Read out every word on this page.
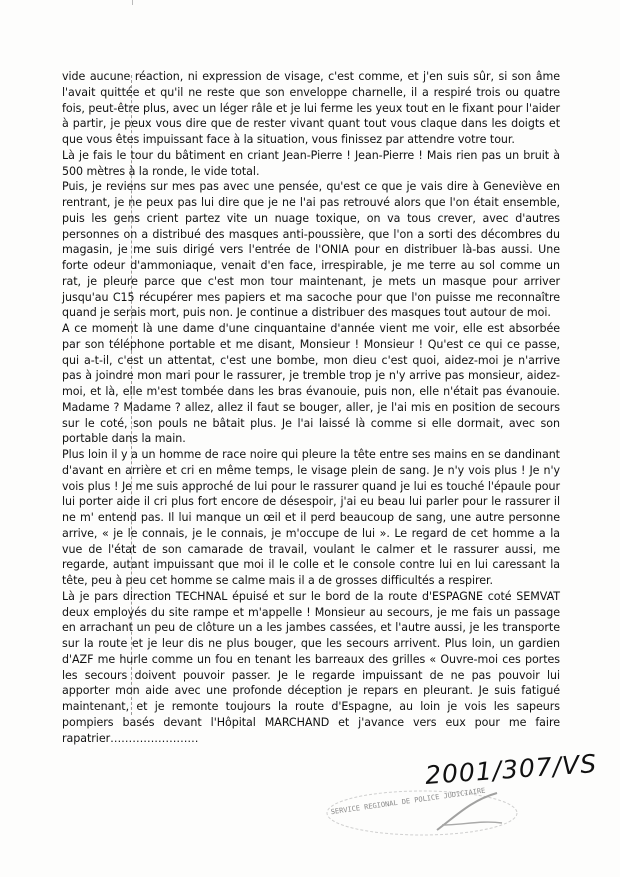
vide aucune réaction, ni expression de visage, c'est comme, et j'en suis sûr, si son âme l'avait quittée et qu'il ne reste que son enveloppe charnelle, il a respiré trois ou quatre fois, peut-être plus, avec un léger râle et je lui ferme les yeux tout en le fixant pour l'aider à partir, je peux vous dire que de rester vivant quant tout vous claque dans les doigts et que vous êtes impuissant face à la situation, vous finissez par attendre votre tour.

Là je fais le tour du bâtiment en criant Jean-Pierre ! Jean-Pierre ! Mais rien pas un bruit à 500 mètres à la ronde, le vide total.

Puis, je reviens sur mes pas avec une pensée, qu'est ce que je vais dire à Geneviève en rentrant, je ne peux pas lui dire que je ne l'ai pas retrouvé alors que l'on était ensemble, puis les gens crient partez vite un nuage toxique, on va tous crever, avec d'autres personnes on a distribué des masques anti-poussière, que l'on a sorti des décombres du magasin, je me suis dirigé vers l'entrée de l'ONIA pour en distribuer là-bas aussi. Une forte odeur d'ammoniaque, venait d'en face, irrespirable, je me terre au sol comme un rat, je pleure parce que c'est mon tour maintenant, je mets un masque pour arriver jusqu'au C15 récupérer mes papiers et ma sacoche pour que l'on puisse me reconnaître quand je serais mort, puis non. Je continue a distribuer des masques tout autour de moi.

A ce moment là une dame d'une cinquantaine d'année vient me voir, elle est absorbée par son téléphone portable et me disant, Monsieur ! Monsieur ! Qu'est ce qui ce passe, qui a-t-il, c'est un attentat, c'est une bombe, mon dieu c'est quoi, aidez-moi je n'arrive pas à joindre mon mari pour le rassurer, je tremble trop je n'y arrive pas monsieur, aidez-moi, et là, elle m'est tombée dans les bras évanouie, puis non, elle n'était pas évanouie. Madame ? Madame ? allez, allez il faut se bouger, aller, je l'ai mis en position de secours sur le coté, son pouls ne bâtait plus. Je l'ai laissé là comme si elle dormait, avec son portable dans la main.

Plus loin il y a un homme de race noire qui pleure la tête entre ses mains en se dandinant d'avant en arrière et cri en même temps, le visage plein de sang. Je n'y vois plus ! Je n'y vois plus ! Je me suis approché de lui pour le rassurer quand je lui es touché l'épaule pour lui porter aide il cri plus fort encore de désespoir, j'ai eu beau lui parler pour le rassurer il ne m' entend pas. Il lui manque un œil et il perd beaucoup de sang, une autre personne arrive, « je le connais, je le connais, je m'occupe de lui ». Le regard de cet homme a la vue de l'état de son camarade de travail, voulant le calmer et le rassurer aussi, me regarde, autant impuissant que moi il le colle et le console contre lui en lui caressant la tête, peu à peu cet homme se calme mais il a de grosses difficultés a respirer.

Là je pars direction TECHNAL épuisé et sur le bord de la route d'ESPAGNE coté SEMVAT deux employés du site rampe et m'appelle ! Monsieur au secours, je me fais un passage en arrachant un peu de clôture un a les jambes cassées, et l'autre aussi, je les transporte sur la route et je leur dis ne plus bouger, que les secours arrivent. Plus loin, un gardien d'AZF me hurle comme un fou en tenant les barreaux des grilles « Ouvre-moi ces portes les secours doivent pouvoir passer. Je le regarde impuissant de ne pas pouvoir lui apporter mon aide avec une profonde déception je repars en pleurant. Je suis fatigué maintenant, et je remonte toujours la route d'Espagne, au loin je vois les sapeurs pompiers basés devant l'Hôpital MARCHAND et j'avance vers eux pour me faire rapatrier……………………

SERVICE REGIONAL DE POLICE JUDICIAIRE
2001/307/VS
